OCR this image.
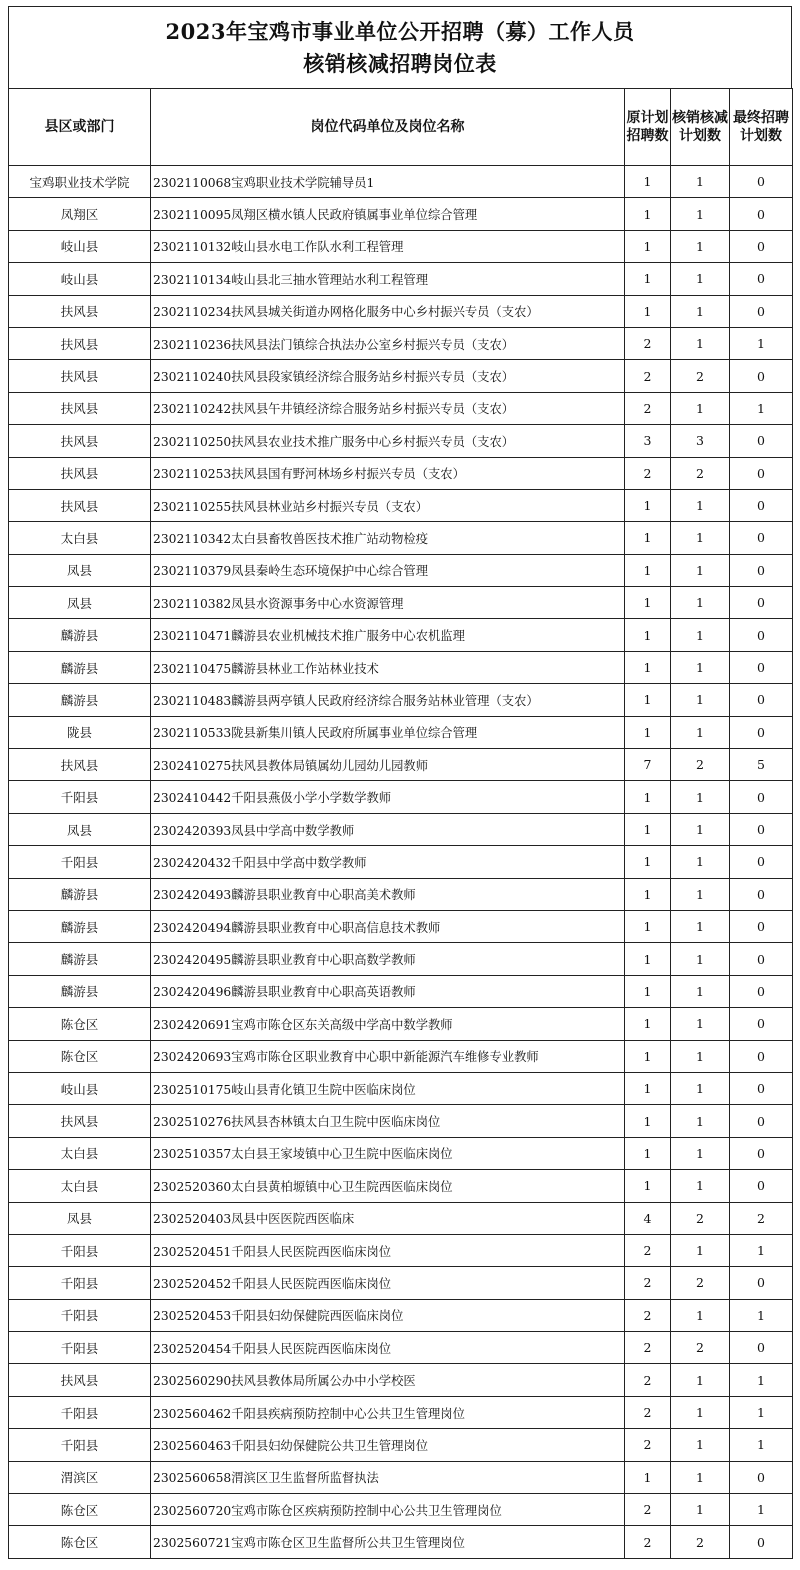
2023年宝鸡市事业单位公开招聘（募）工作人员
核销核减招聘岗位表
县区或部门	岗位代码单位及岗位名称	原计划招聘数	核销核减计划数	最终招聘计划数
宝鸡职业技术学院	2302110068宝鸡职业技术学院辅导员1	1	1	0
凤翔区	2302110095凤翔区横水镇人民政府镇属事业单位综合管理	1	1	0
岐山县	2302110132岐山县水电工作队水利工程管理	1	1	0
岐山县	2302110134岐山县北三抽水管理站水利工程管理	1	1	0
扶风县	2302110234扶风县城关街道办网格化服务中心乡村振兴专员（支农）	1	1	0
扶风县	2302110236扶风县法门镇综合执法办公室乡村振兴专员（支农）	2	1	1
扶风县	2302110240扶风县段家镇经济综合服务站乡村振兴专员（支农）	2	2	0
扶风县	2302110242扶风县午井镇经济综合服务站乡村振兴专员（支农）	2	1	1
扶风县	2302110250扶风县农业技术推广服务中心乡村振兴专员（支农）	3	3	0
扶风县	2302110253扶风县国有野河林场乡村振兴专员（支农）	2	2	0
扶风县	2302110255扶风县林业站乡村振兴专员（支农）	1	1	0
太白县	2302110342太白县畜牧兽医技术推广站动物检疫	1	1	0
凤县	2302110379凤县秦岭生态环境保护中心综合管理	1	1	0
凤县	2302110382凤县水资源事务中心水资源管理	1	1	0
麟游县	2302110471麟游县农业机械技术推广服务中心农机监理	1	1	0
麟游县	2302110475麟游县林业工作站林业技术	1	1	0
麟游县	2302110483麟游县两亭镇人民政府经济综合服务站林业管理（支农）	1	1	0
陇县	2302110533陇县新集川镇人民政府所属事业单位综合管理	1	1	0
扶风县	2302410275扶风县教体局镇属幼儿园幼儿园教师	7	2	5
千阳县	2302410442千阳县燕伋小学小学数学教师	1	1	0
凤县	2302420393凤县中学高中数学教师	1	1	0
千阳县	2302420432千阳县中学高中数学教师	1	1	0
麟游县	2302420493麟游县职业教育中心职高美术教师	1	1	0
麟游县	2302420494麟游县职业教育中心职高信息技术教师	1	1	0
麟游县	2302420495麟游县职业教育中心职高数学教师	1	1	0
麟游县	2302420496麟游县职业教育中心职高英语教师	1	1	0
陈仓区	2302420691宝鸡市陈仓区东关高级中学高中数学教师	1	1	0
陈仓区	2302420693宝鸡市陈仓区职业教育中心职中新能源汽车维修专业教师	1	1	0
岐山县	2302510175岐山县青化镇卫生院中医临床岗位	1	1	0
扶风县	2302510276扶风县杏林镇太白卫生院中医临床岗位	1	1	0
太白县	2302510357太白县王家堎镇中心卫生院中医临床岗位	1	1	0
太白县	2302520360太白县黄柏塬镇中心卫生院西医临床岗位	1	1	0
凤县	2302520403凤县中医医院西医临床	4	2	2
千阳县	2302520451千阳县人民医院西医临床岗位	2	1	1
千阳县	2302520452千阳县人民医院西医临床岗位	2	2	0
千阳县	2302520453千阳县妇幼保健院西医临床岗位	2	1	1
千阳县	2302520454千阳县人民医院西医临床岗位	2	2	0
扶风县	2302560290扶风县教体局所属公办中小学校医	2	1	1
千阳县	2302560462千阳县疾病预防控制中心公共卫生管理岗位	2	1	1
千阳县	2302560463千阳县妇幼保健院公共卫生管理岗位	2	1	1
渭滨区	2302560658渭滨区卫生监督所监督执法	1	1	0
陈仓区	2302560720宝鸡市陈仓区疾病预防控制中心公共卫生管理岗位	2	1	1
陈仓区	2302560721宝鸡市陈仓区卫生监督所公共卫生管理岗位	2	2	0
